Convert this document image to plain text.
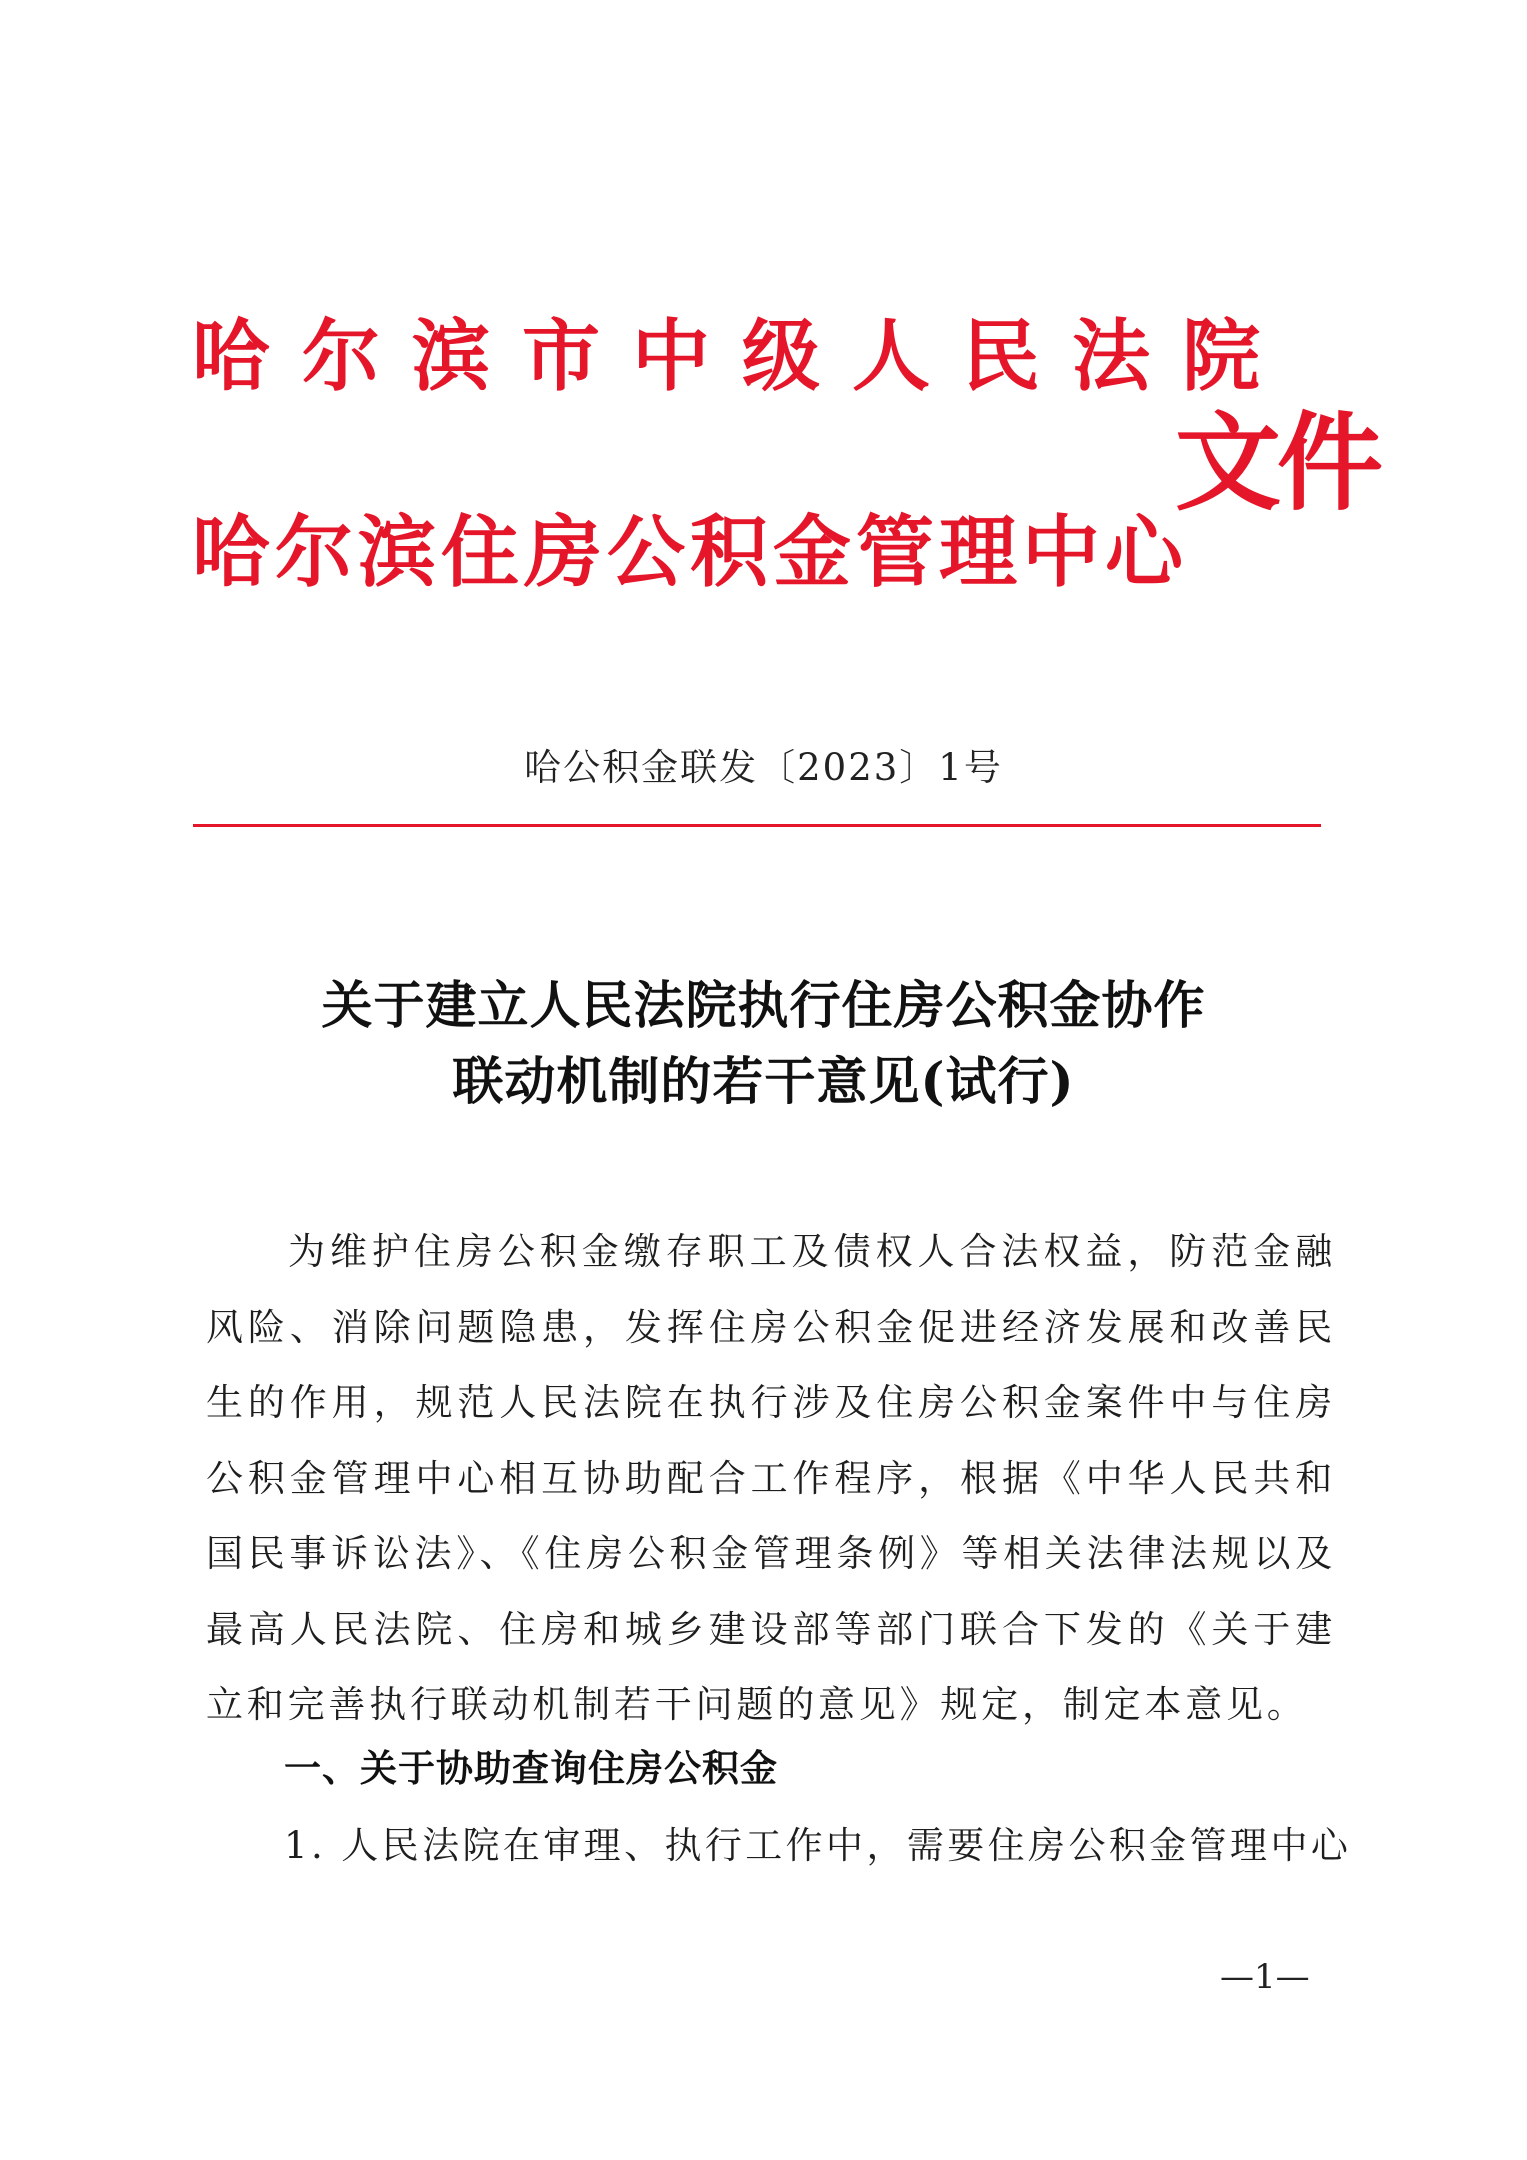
哈尔滨市中级人民法院
哈尔滨住房公积金管理中心
文件
哈公积金联发〔2023〕1号
关于建立人民法院执行住房公积金协作
联动机制的若干意见(试行)

为维护住房公积金缴存职工及债权人合法权益，防范金融风险、消除问题隐患，发挥住房公积金促进经济发展和改善民生的作用，规范人民法院在执行涉及住房公积金案件中与住房公积金管理中心相互协助配合工作程序，根据《中华人民共和国民事诉讼法》、《住房公积金管理条例》等相关法律法规以及最高人民法院、住房和城乡建设部等部门联合下发的《关于建立和完善执行联动机制若干问题的意见》规定，制定本意见。

一、关于协助查询住房公积金
1. 人民法院在审理、执行工作中，需要住房公积金管理中心
—1—
